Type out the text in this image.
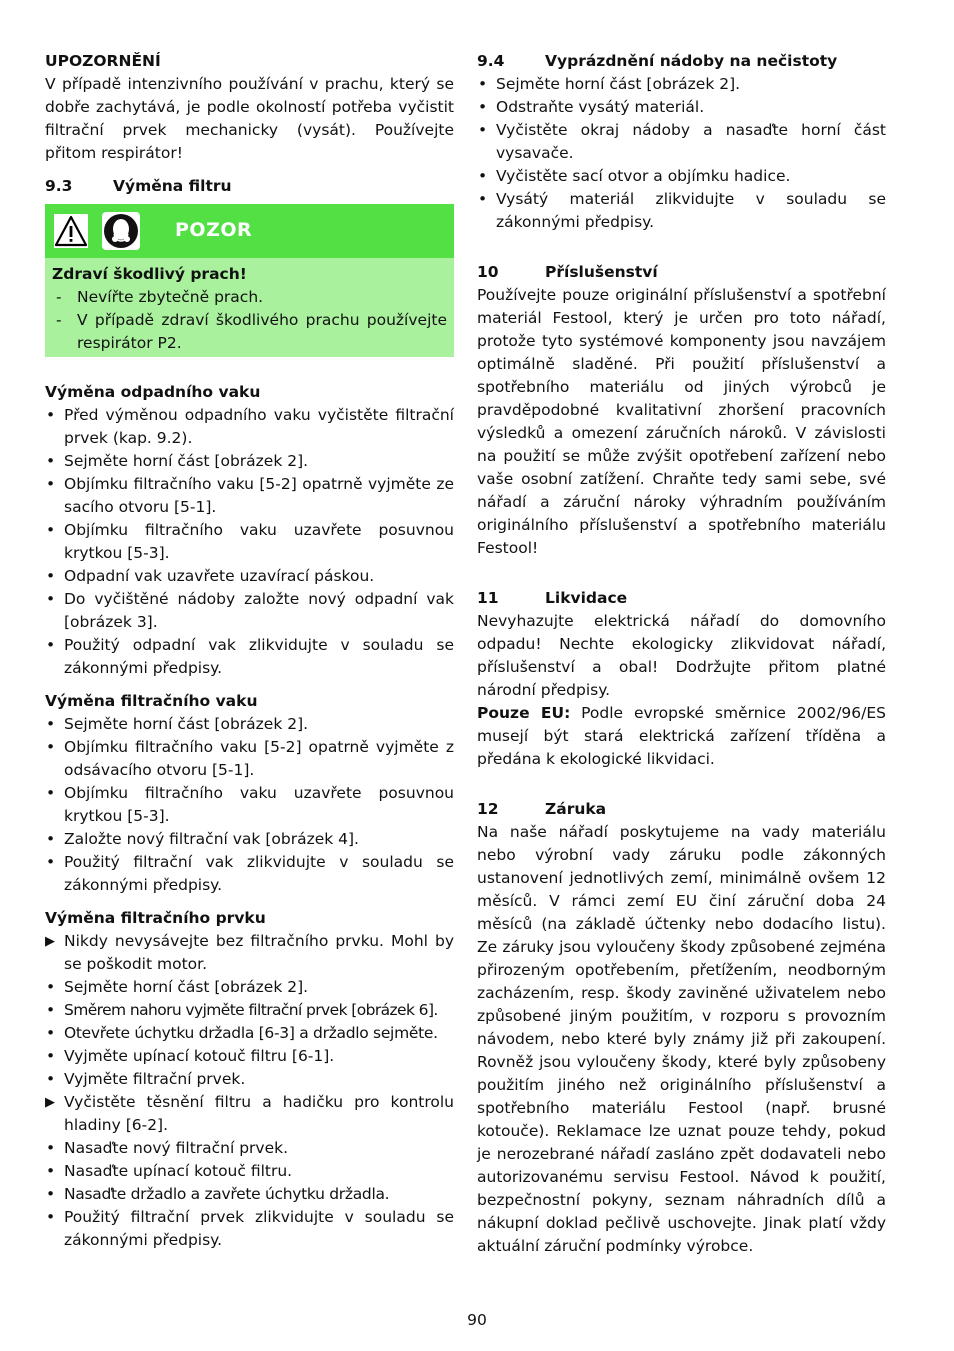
UPOZORNĚNÍ

V případě intenzivního používání v prachu, který se dobře zachytává, je podle okolností potřeba vyčistit filtrační prvek mechanicky (vysát). Používejte přitom respirátor!

9.3	Výměna filtru

POZOR

Zdraví škodlivý prach!

- Nevířte zbytečně prach.
- V případě zdraví škodlivého prachu používejte respirátor P2.

Výměna odpadního vaku

• Před výměnou odpadního vaku vyčistěte filtrační prvek (kap. 9.2).
• Sejměte horní část [obrázek 2].
• Objímku filtračního vaku [5-2] opatrně vyjměte ze sacího otvoru [5-1].
• Objímku filtračního vaku uzavřete posuvnou krytkou [5-3].
• Odpadní vak uzavřete uzavírací páskou.
• Do vyčištěné nádoby založte nový odpadní vak [obrázek 3].
• Použitý odpadní vak zlikvidujte v souladu se zákonnými předpisy.

Výměna filtračního vaku

• Sejměte horní část [obrázek 2].
• Objímku filtračního vaku [5-2] opatrně vyjměte z odsávacího otvoru [5-1].
• Objímku filtračního vaku uzavřete posuvnou krytkou [5-3].
• Založte nový filtrační vak [obrázek 4].
• Použitý filtrační vak zlikvidujte v souladu se zákonnými předpisy.

Výměna filtračního prvku

▶ Nikdy nevysávejte bez filtračního prvku. Mohl by se poškodit motor.
• Sejměte horní část [obrázek 2].
• Směrem nahoru vyjměte filtrační prvek [obrázek 6].
• Otevřete úchytku držadla [6-3] a držadlo sejměte.
• Vyjměte upínací kotouč filtru [6-1].
• Vyjměte filtrační prvek.
▶ Vyčistěte těsnění filtru a hadičku pro kontrolu hladiny [6-2].
• Nasaďte nový filtrační prvek.
• Nasaďte upínací kotouč filtru.
• Nasaďte držadlo a zavřete úchytku držadla.
• Použitý filtrační prvek zlikvidujte v souladu se zákonnými předpisy.

9.4	Vyprázdnění nádoby na nečistoty

• Sejměte horní část [obrázek 2].
• Odstraňte vysátý materiál.
• Vyčistěte okraj nádoby a nasaďte horní část vysavače.
• Vyčistěte sací otvor a objímku hadice.
• Vysátý materiál zlikvidujte v souladu se zákonnými předpisy.

10	Příslušenství

Používejte pouze originální příslušenství a spotřební materiál Festool, který je určen pro toto nářadí, protože tyto systémové komponenty jsou navzájem optimálně sladěné. Při použití příslušenství a spotřebního materiálu od jiných výrobců je pravděpodobné kvalitativní zhoršení pracovních výsledků a omezení záručních nároků. V závislosti na použití se může zvýšit opotřebení zařízení nebo vaše osobní zatížení. Chraňte tedy sami sebe, své nářadí a záruční nároky výhradním používáním originálního příslušenství a spotřebního materiálu Festool!

11	Likvidace

Nevyhazujte elektrická nářadí do domovního odpadu! Nechte ekologicky zlikvidovat nářadí, příslušenství a obal! Dodržujte přitom platné národní předpisy.

Pouze EU: Podle evropské směrnice 2002/96/ES musejí být stará elektrická zařízení tříděna a předána k ekologické likvidaci.

12	Záruka

Na naše nářadí poskytujeme na vady materiálu nebo výrobní vady záruku podle zákonných ustanovení jednotlivých zemí, minimálně ovšem 12 měsíců. V rámci zemí EU činí záruční doba 24 měsíců (na základě účtenky nebo dodacího listu). Ze záruky jsou vyloučeny škody způsobené zejména přirozeným opotřebením, přetížením, neodborným zacházením, resp. škody zaviněné uživatelem nebo způsobené jiným použitím, v rozporu s provozním návodem, nebo které byly známy již při zakoupení. Rovněž jsou vyloučeny škody, které byly způsobeny použitím jiného než originálního příslušenství a spotřebního materiálu Festool (např. brusné kotouče). Reklamace lze uznat pouze tehdy, pokud je nerozebrané nářadí zasláno zpět dodavateli nebo autorizovanému servisu Festool. Návod k použití, bezpečnostní pokyny, seznam náhradních dílů a nákupní doklad pečlivě uschovejte. Jinak platí vždy aktuální záruční podmínky výrobce.

90
